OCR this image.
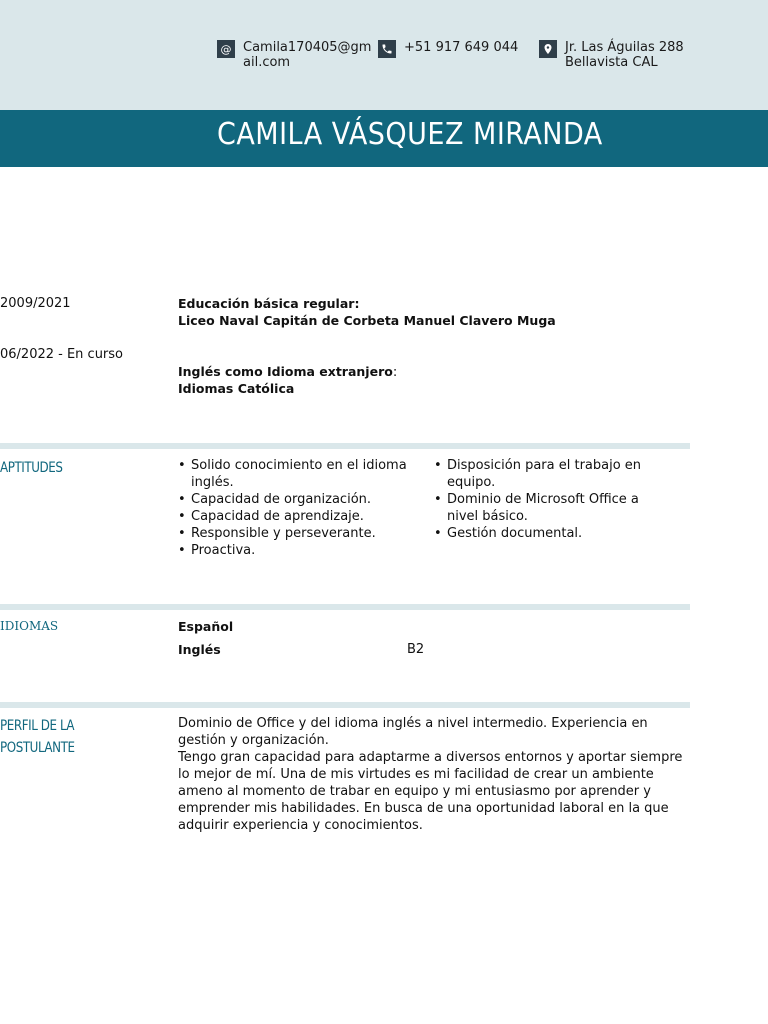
@ Camila170405@gm
ail.com
+51 917 649 044	Jr. Las Águilas 288
Bellavista CAL
CAMILA VÁSQUEZ MIRANDA
2009/2021	Educación básica regular:
Liceo Naval Capitán de Corbeta Manuel Clavero Muga
06/2022 - En curso
Inglés como Idioma extranjero:
Idiomas Católica
APTITUDES
•	Solido conocimiento en el idioma inglés.
• Capacidad de organización.
• Capacidad de aprendizaje.
• Responsible y perseverante.
• Proactiva.
• Disposición para el trabajo en equipo.
• Dominio de Microsoft Office a nivel básico.
• Gestión documental.
IDIOMAS	Español
Inglés	B2
PERFIL DE LA
POSTULANTE
Dominio de Office y del idioma inglés a nivel intermedio. Experiencia en gestión y organización.
Tengo gran capacidad para adaptarme a diversos entornos y aportar siempre lo mejor de mí. Una de mis virtudes es mi facilidad de crear un ambiente ameno al momento de trabar en equipo y mi entusiasmo por aprender y emprender mis habilidades. En busca de una oportunidad laboral en la que adquirir experiencia y conocimientos.
